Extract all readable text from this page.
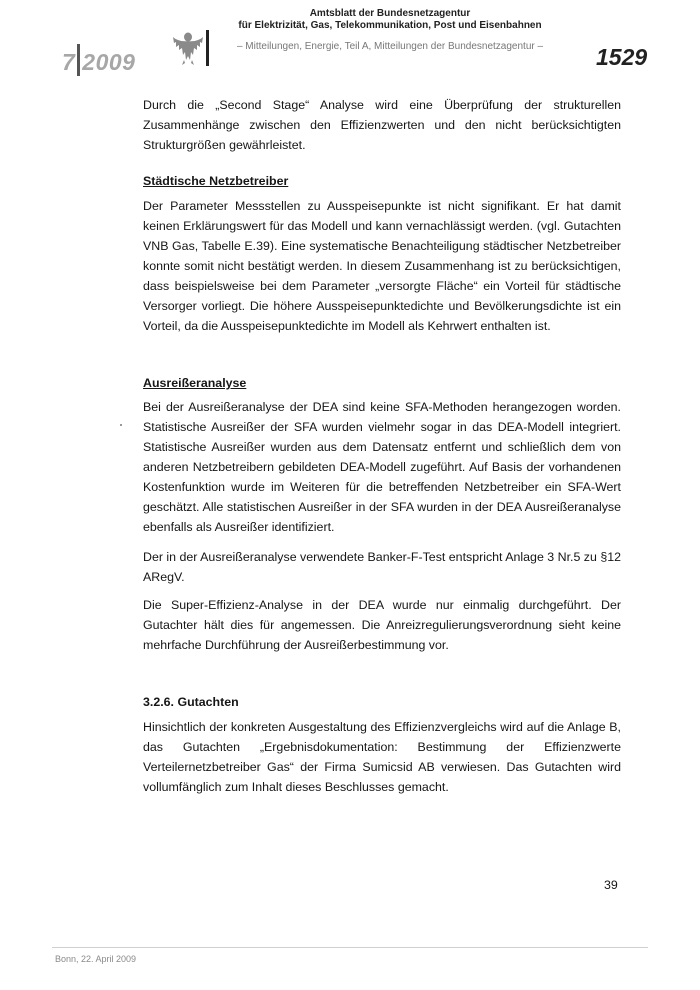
7 2009
Amtsblatt der Bundesnetzagentur
für Elektrizität, Gas, Telekommunikation, Post und Eisenbahnen
– Mitteilungen, Energie, Teil A, Mitteilungen der Bundesnetzagentur –	1529

Durch die „Second Stage“ Analyse wird eine Überprüfung der strukturellen Zusammenhänge zwischen den Effizienzwerten und den nicht berücksichtigten Strukturgrößen gewährleistet.

Städtische Netzbetreiber

Der Parameter Messstellen zu Ausspeisepunkte ist nicht signifikant. Er hat damit keinen Erklärungswert für das Modell und kann vernachlässigt werden. (vgl. Gutachten VNB Gas, Tabelle E.39). Eine systematische Benachteiligung städtischer Netzbetreiber konnte somit nicht bestätigt werden. In diesem Zusammenhang ist zu berücksichtigen, dass beispielsweise bei dem Parameter „versorgte Fläche“ ein Vorteil für städtische Versorger vorliegt. Die höhere Ausspeisepunktedichte und Bevölkerungsdichte ist ein Vorteil, da die Ausspeisepunktedichte im Modell als Kehrwert enthalten ist.

Ausreißeranalyse

Bei der Ausreißeranalyse der DEA sind keine SFA-Methoden herangezogen worden. Statistische Ausreißer der SFA wurden vielmehr sogar in das DEA-Modell integriert. Statistische Ausreißer wurden aus dem Datensatz entfernt und schließlich dem von anderen Netzbetreibern gebildeten DEA-Modell zugeführt. Auf Basis der vorhandenen Kostenfunktion wurde im Weiteren für die betreffenden Netzbetreiber ein SFA-Wert geschätzt. Alle statistischen Ausreißer in der SFA wurden in der DEA Ausreißeranalyse ebenfalls als Ausreißer identifiziert.

Der in der Ausreißeranalyse verwendete Banker-F-Test entspricht Anlage 3 Nr.5 zu §12 ARegV.

Die Super-Effizienz-Analyse in der DEA wurde nur einmalig durchgeführt. Der Gutachter hält dies für angemessen. Die Anreizregulierungsverordnung sieht keine mehrfache Durchführung der Ausreißerbestimmung vor.

3.2.6. Gutachten

Hinsichtlich der konkreten Ausgestaltung des Effizienzvergleichs wird auf die Anlage B, das Gutachten „Ergebnisdokumentation: Bestimmung der Effizienzwerte Verteilernetzbetreiber Gas“ der Firma Sumicsid AB verwiesen. Das Gutachten wird vollumfänglich zum Inhalt dieses Beschlusses gemacht.

39
Bonn, 22. April 2009
